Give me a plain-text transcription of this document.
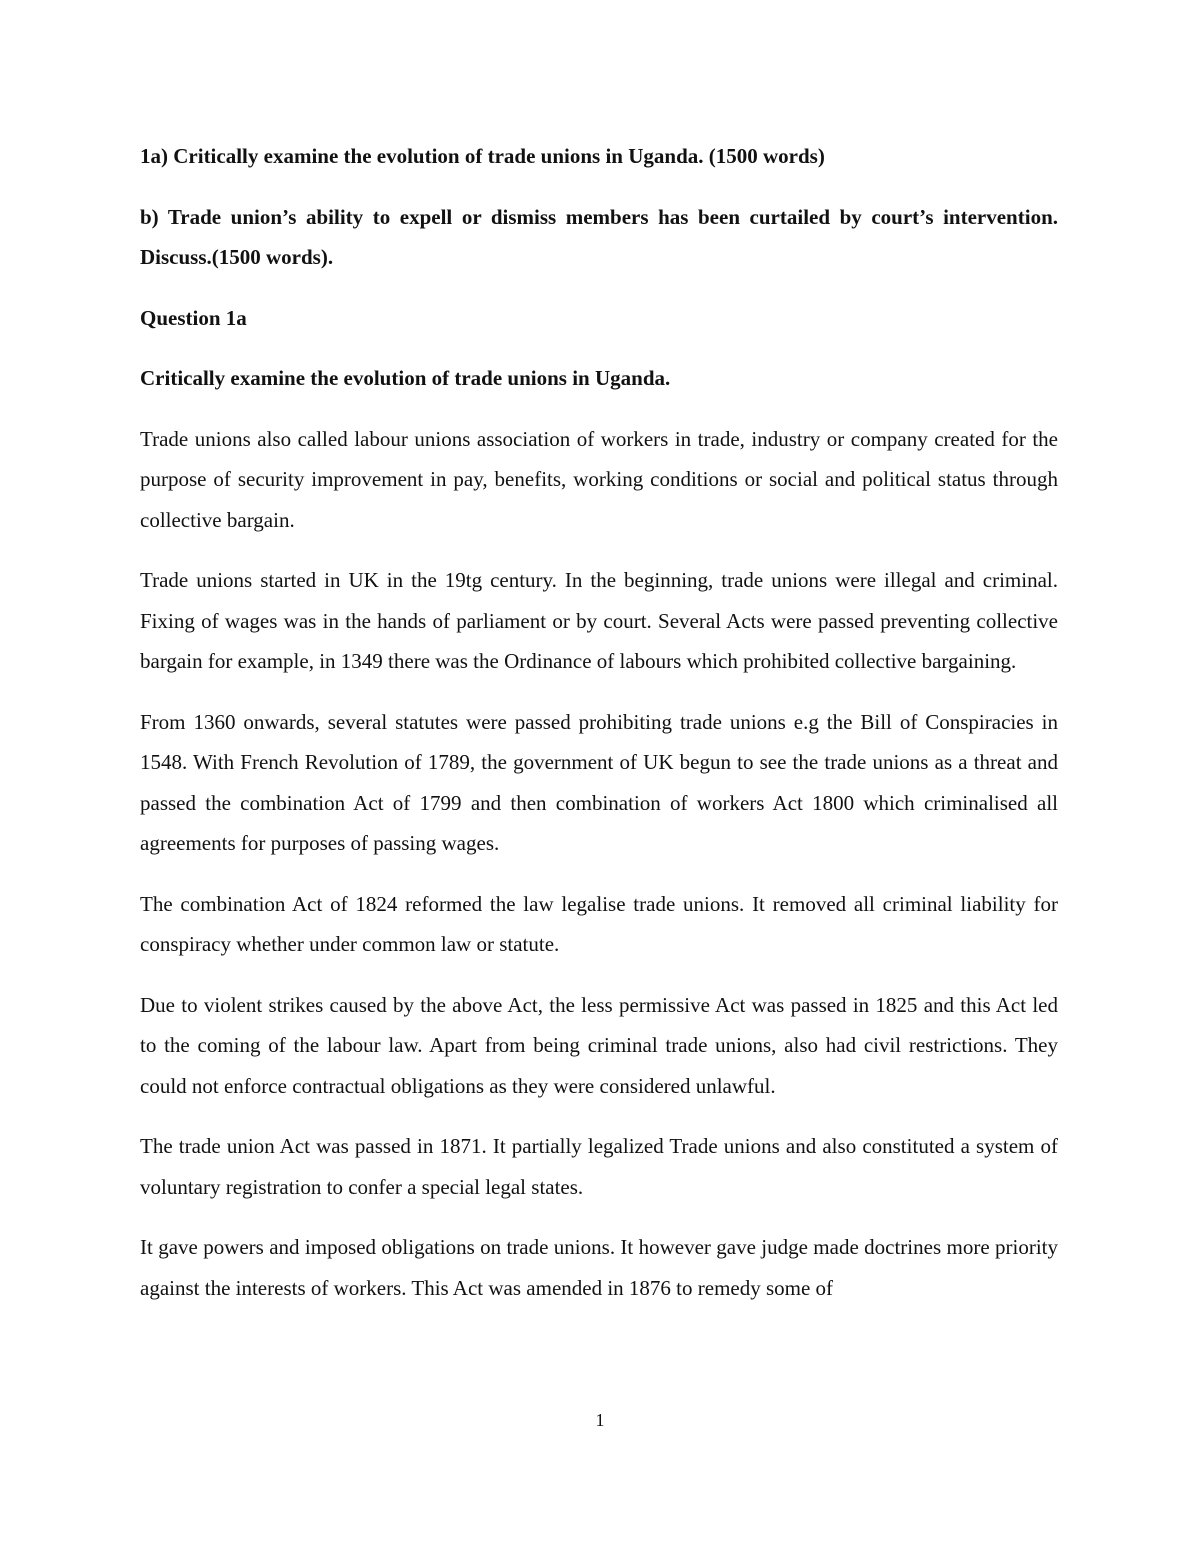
1a) Critically examine the evolution of trade unions in Uganda. (1500 words)

b) Trade union’s ability to expell or dismiss members has been curtailed by court’s intervention. Discuss.(1500 words).

Question 1a

Critically examine the evolution of trade unions in Uganda.

Trade unions also called labour unions association of workers in trade, industry or company created for the purpose of security improvement in pay, benefits, working conditions or social and political status through collective bargain.

Trade unions started in UK in the 19tg century. In the beginning, trade unions were illegal and criminal. Fixing of wages was in the hands of parliament or by court. Several Acts were passed preventing collective bargain for example, in 1349 there was the Ordinance of labours which prohibited collective bargaining.

From 1360 onwards, several statutes were passed prohibiting trade unions e.g the Bill of Conspiracies in 1548. With French Revolution of 1789, the government of UK begun to see the trade unions as a threat and passed the combination Act of 1799 and then combination of workers Act 1800 which criminalised all agreements for purposes of passing wages.

The combination Act of 1824 reformed the law legalise trade unions. It removed all criminal liability for conspiracy whether under common law or statute.

Due to violent strikes caused by the above Act, the less permissive Act was passed in 1825 and this Act led to the coming of the labour law. Apart from being criminal trade unions, also had civil restrictions. They could not enforce contractual obligations as they were considered unlawful.

The trade union Act was passed in 1871. It partially legalized Trade unions and also constituted a system of voluntary registration to confer a special legal states.

It gave powers and imposed obligations on trade unions. It however gave judge made doctrines more priority against the interests of workers. This Act was amended in 1876 to remedy some of

1
